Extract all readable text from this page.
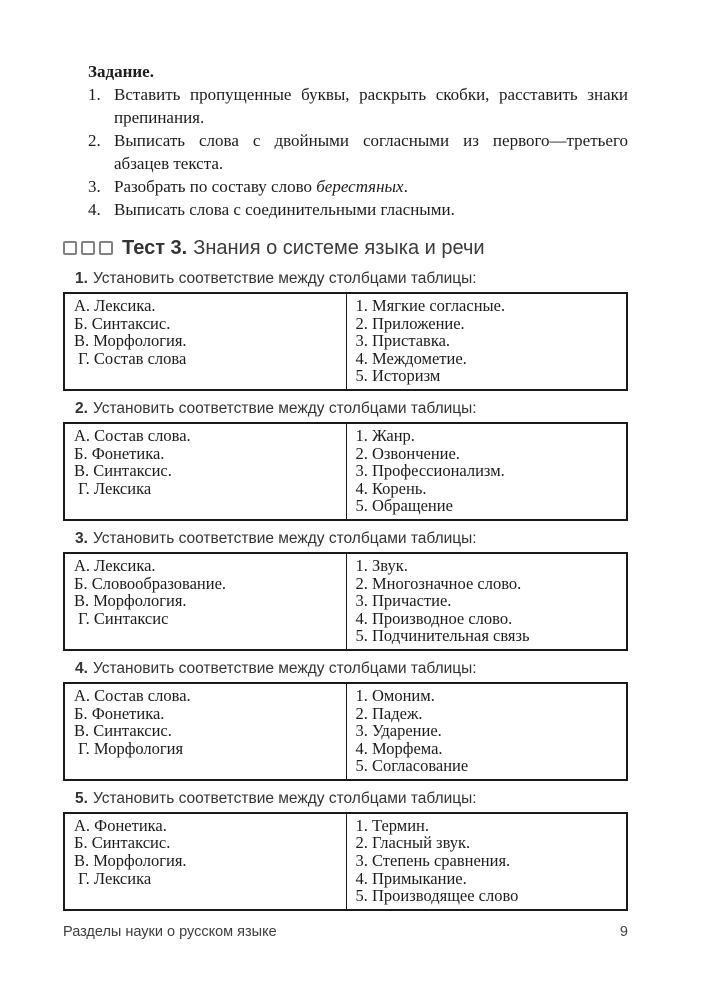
Задание.

1. Вставить пропущенные буквы, раскрыть скобки, расставить знаки препинания.
2. Выписать слова с двойными согласными из первого—третьего абзацев текста.
3. Разобрать по составу слово берестяных.
4. Выписать слова с соединительными гласными.
Тест 3. Знания о системе языка и речи

1. Установить соответствие между столбцами таблицы:

А. Лексика.
Б. Синтаксис.
В. Морфология.
Г. Состав слова
1. Мягкие согласные.
2. Приложение.
3. Приставка.
4. Междометие.
5. Историзм

2. Установить соответствие между столбцами таблицы:

А. Состав слова.
Б. Фонетика.
В. Синтаксис.
Г. Лексика
1. Жанр.
2. Озвончение.
3. Профессионализм.
4. Корень.
5. Обращение

3. Установить соответствие между столбцами таблицы:

А. Лексика.
Б. Словообразование.
В. Морфология.
Г. Синтаксис
1. Звук.
2. Многозначное слово.
3. Причастие.
4. Производное слово.
5. Подчинительная связь

4. Установить соответствие между столбцами таблицы:

А. Состав слова.
Б. Фонетика.
В. Синтаксис.
Г. Морфология
1. Омоним.
2. Падеж.
3. Ударение.
4. Морфема.
5. Согласование

5. Установить соответствие между столбцами таблицы:

А. Фонетика.
Б. Синтаксис.
В. Морфология.
Г. Лексика
1. Термин.
2. Гласный звук.
3. Степень сравнения.
4. Примыкание.
5. Производящее слово
Разделы науки о русском языке	9
